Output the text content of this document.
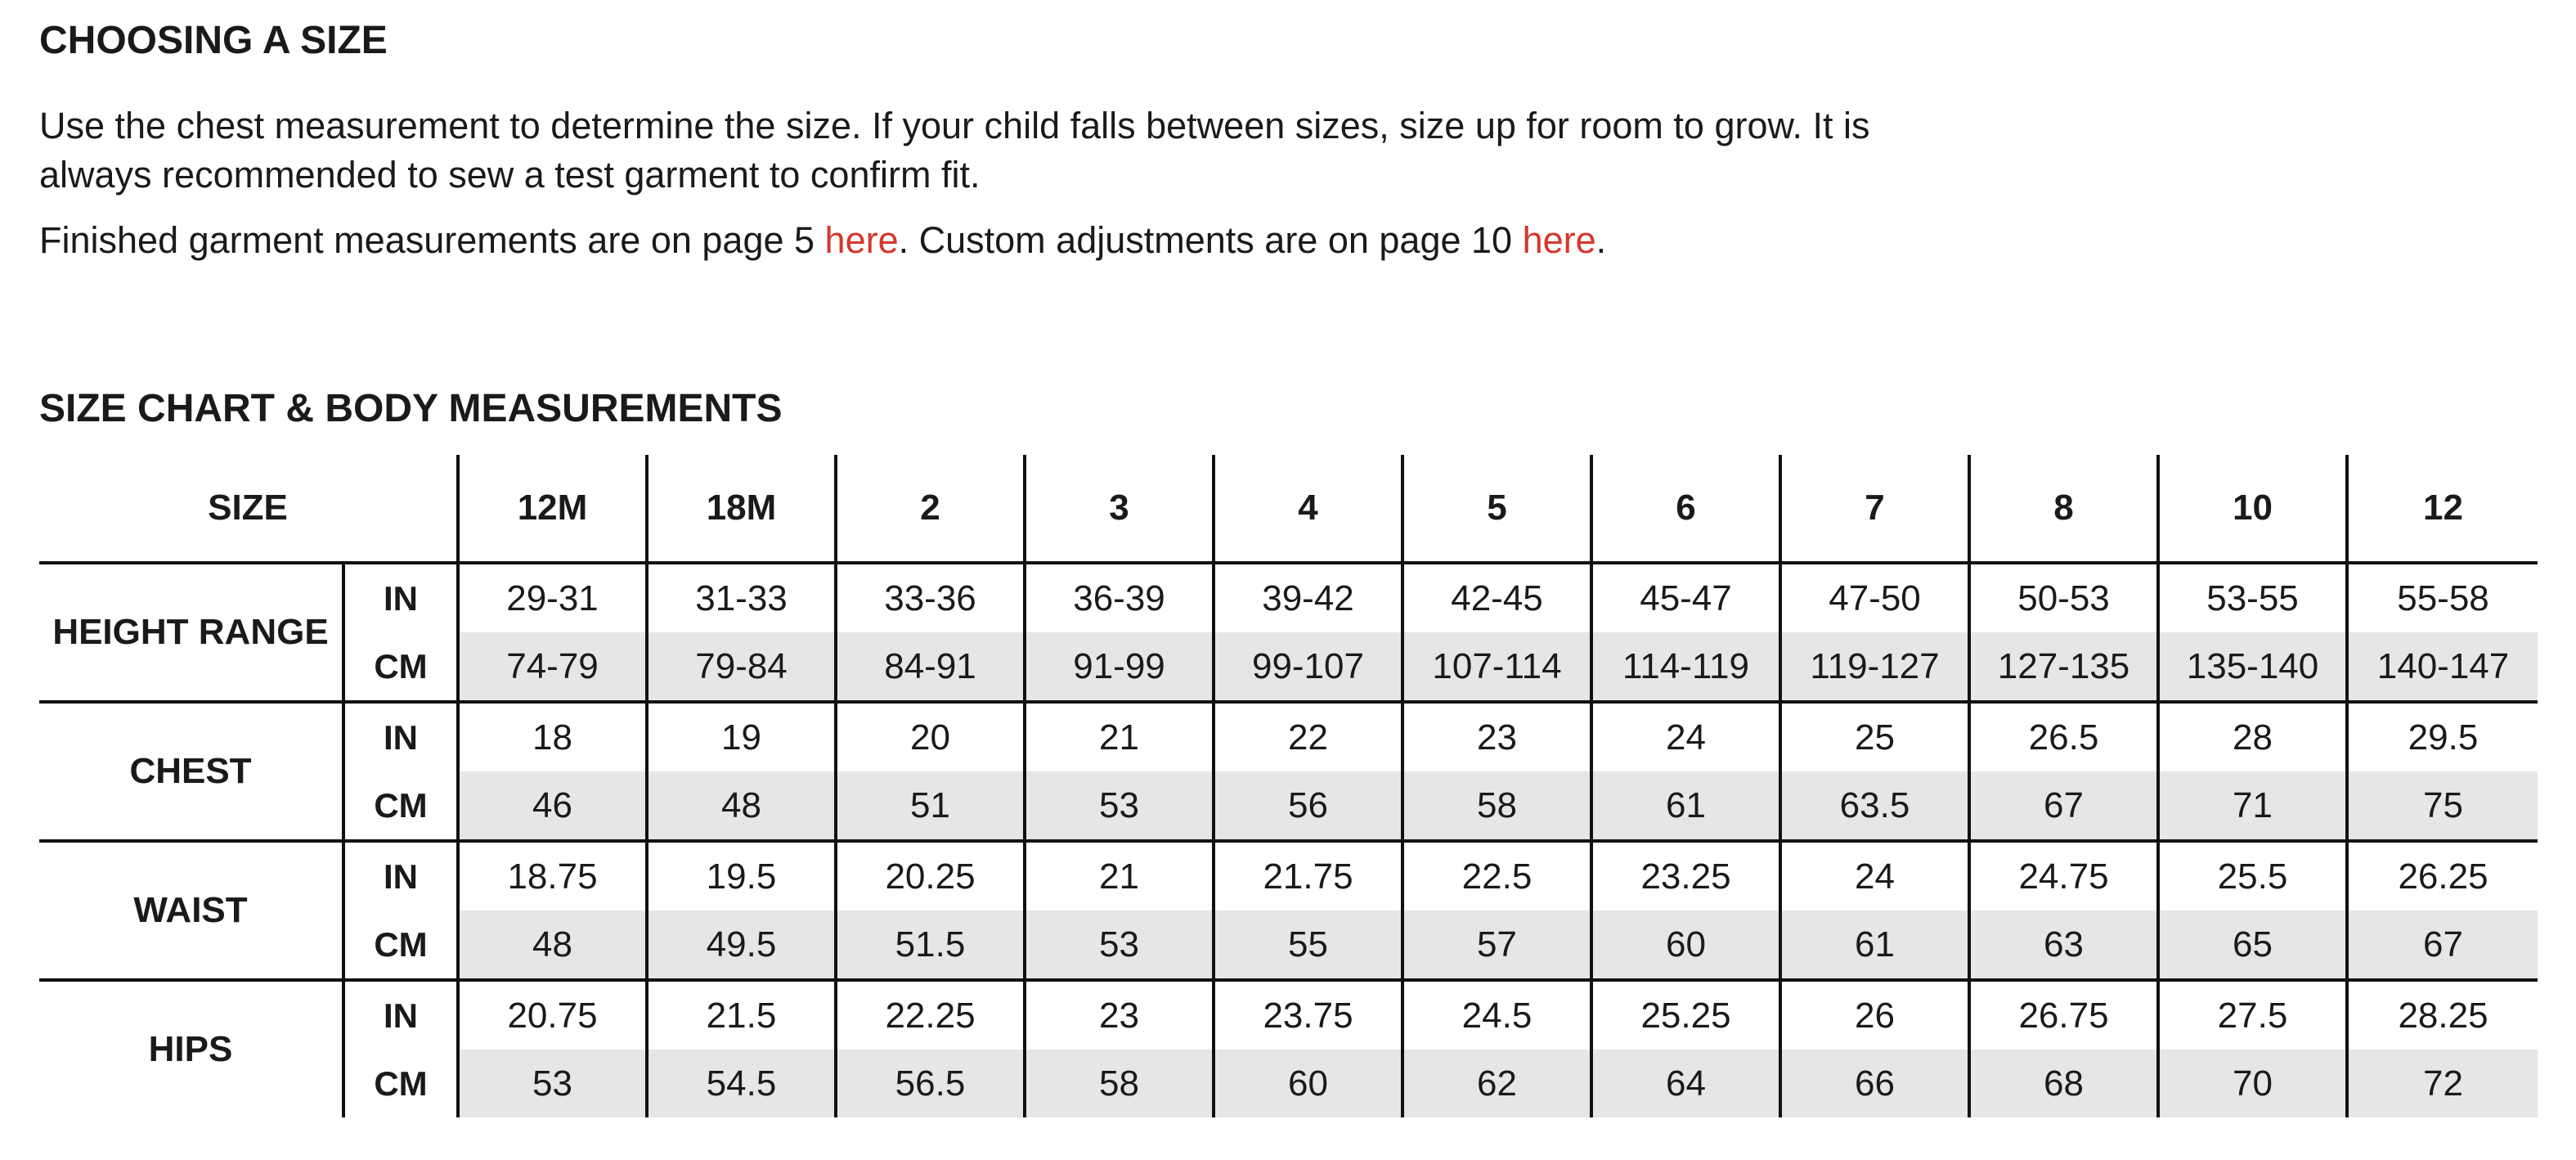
CHOOSING A SIZE

Use the chest measurement to determine the size. If your child falls between sizes, size up for room to grow. It is always recommended to sew a test garment to confirm fit.

Finished garment measurements are on page 5 here. Custom adjustments are on page 10 here.

SIZE CHART & BODY MEASUREMENTS
SIZE		12M	18M	2	3	4	5	6	7	8	10	12
HEIGHT RANGE	IN	29-31	31-33	33-36	36-39	39-42	42-45	45-47	47-50	50-53	53-55	55-58
	CM	74-79	79-84	84-91	91-99	99-107	107-114	114-119	119-127	127-135	135-140	140-147
CHEST	IN	18	19	20	21	22	23	24	25	26.5	28	29.5
	CM	46	48	51	53	56	58	61	63.5	67	71	75
WAIST	IN	18.75	19.5	20.25	21	21.75	22.5	23.25	24	24.75	25.5	26.25
	CM	48	49.5	51.5	53	55	57	60	61	63	65	67
HIPS	IN	20.75	21.5	22.25	23	23.75	24.5	25.25	26	26.75	27.5	28.25
	CM	53	54.5	56.5	58	60	62	64	66	68	70	72
